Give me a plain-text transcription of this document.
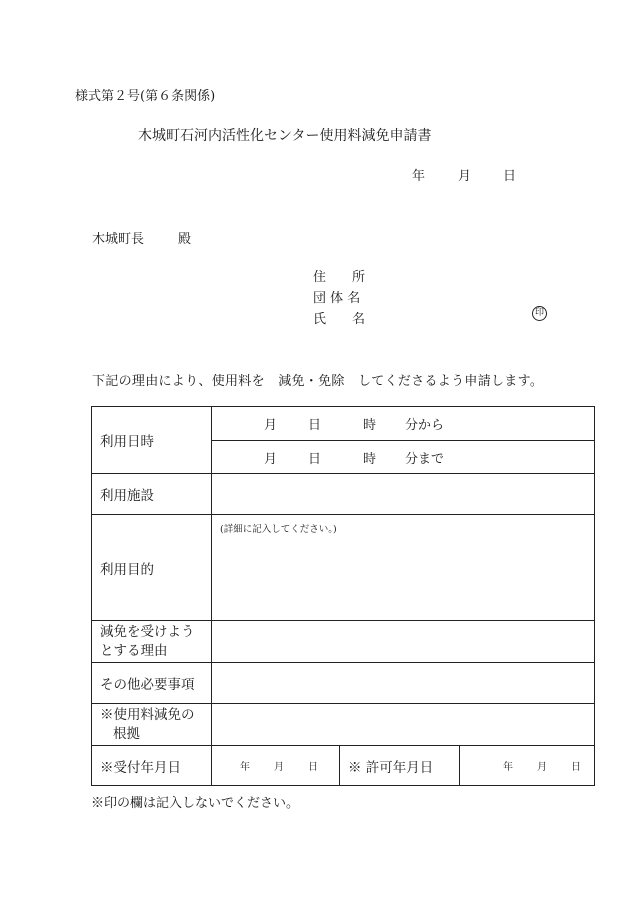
様式第２号(第６条関係)
木城町石河内活性化センター使用料減免申請書
年	月 日
木城町長	殿
住　　所
団 体 名
氏　　名	印
下記の理由により、使用料を　減免・免除　してくださるよう申請します。
利用日時	月 日 時 分から		

	月 日 時 分まで		

利用施設			
利用目的	(詳細に記入してください。)		

減免を受けよう
とする理由			

その他必要事項			

※使用料減免の
根拠			

※受付年月日	年 月 日	※ 許可年月日	年 月 日
※印の欄は記入しないでください。
